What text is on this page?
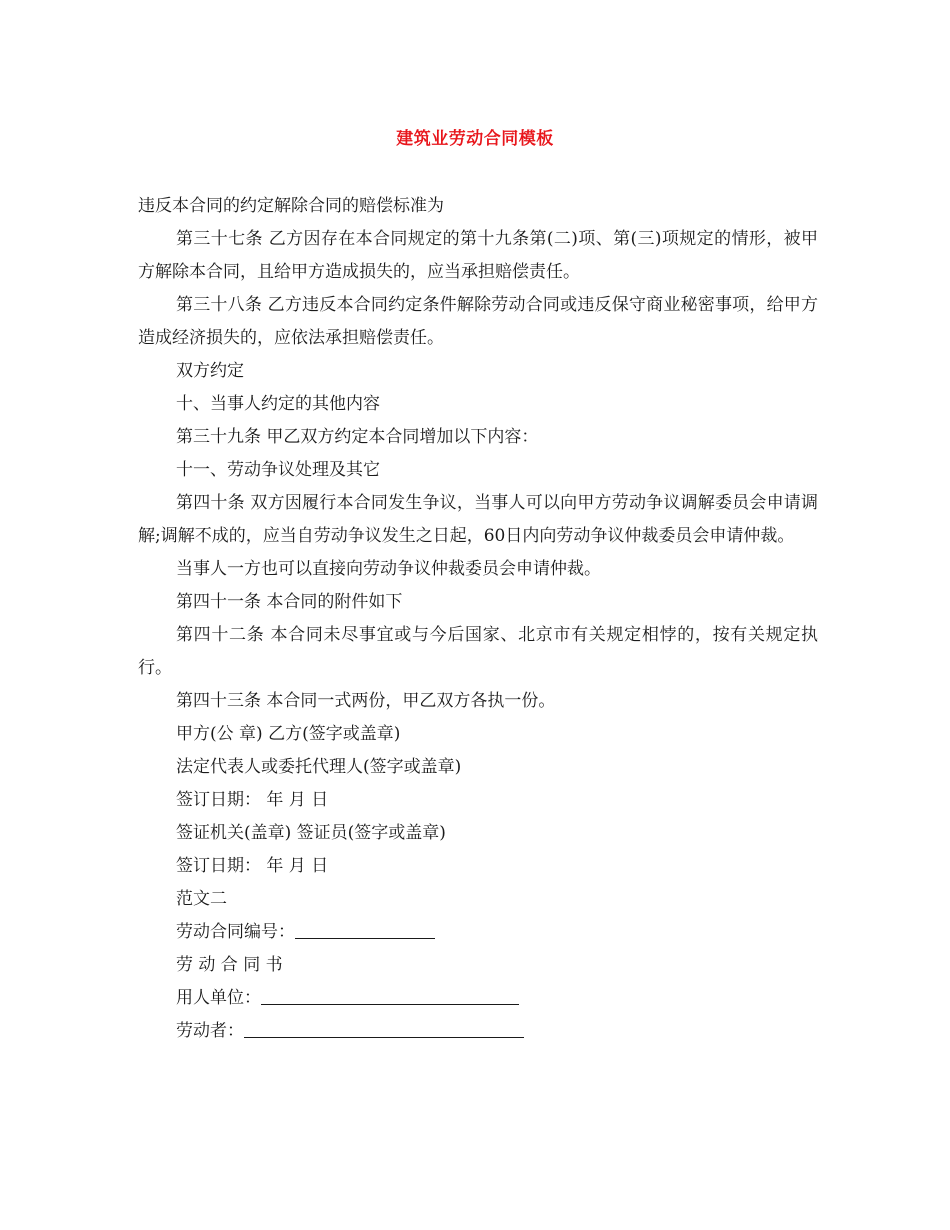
建筑业劳动合同模板

违反本合同的约定解除合同的赔偿标准为

第三十七条 乙方因存在本合同规定的第十九条第(二)项、第(三)项规定的情形，被甲方解除本合同，且给甲方造成损失的，应当承担赔偿责任。

第三十八条 乙方违反本合同约定条件解除劳动合同或违反保守商业秘密事项，给甲方造成经济损失的，应依法承担赔偿责任。

双方约定

十、当事人约定的其他内容

第三十九条 甲乙双方约定本合同增加以下内容：

十一、劳动争议处理及其它

第四十条 双方因履行本合同发生争议，当事人可以向甲方劳动争议调解委员会申请调解;调解不成的，应当自劳动争议发生之日起，60日内向劳动争议仲裁委员会申请仲裁。

当事人一方也可以直接向劳动争议仲裁委员会申请仲裁。

第四十一条 本合同的附件如下

第四十二条 本合同未尽事宜或与今后国家、北京市有关规定相悖的，按有关规定执行。

第四十三条 本合同一式两份，甲乙双方各执一份。

甲方(公 章) 乙方(签字或盖章)

法定代表人或委托代理人(签字或盖章)

签订日期： 年 月 日

签证机关(盖章) 签证员(签字或盖章)

签订日期： 年 月 日

范文二

劳动合同编号：

劳 动 合 同 书

用人单位：

劳动者：
